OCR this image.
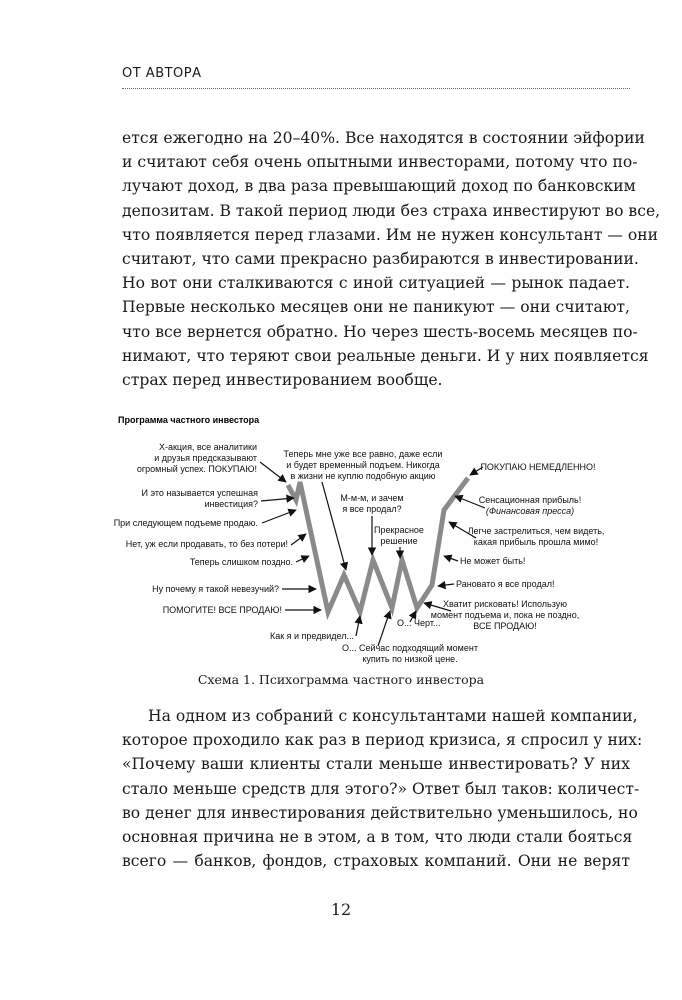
ОТ АВТОРА
ется ежегодно на 20–40%. Все находятся в состоянии эйфории
и считают себя очень опытными инвесторами, потому что по-
лучают доход, в два раза превышающий доход по банковским
депозитам. В такой период люди без страха инвестируют во все,
что появляется перед глазами. Им не нужен консультант — они
считают, что сами прекрасно разбираются в инвестировании.
Но вот они сталкиваются с иной ситуацией — рынок падает.
Первые несколько месяцев они не паникуют — они считают,
что все вернется обратно. Но через шесть-восемь месяцев по-
нимают, что теряют свои реальные деньги. И у них появляется
страх перед инвестированием вообще.
Программа частного инвестора
Х-акция, все аналитики и друзья предсказывают огромный успех. ПОКУПАЮ!
И это называется успешная инвестиция?
При следующем подъеме продаю.
Нет, уж если продавать, то без потери!
Теперь слишком поздно.
Ну почему я такой невезучий?
ПОМОГИТЕ! ВСЕ ПРОДАЮ!
Теперь мне уже все равно, даже если и будет временный подъем. Никогда в жизни не куплю подобную акцию
М-м-м, и зачем я все продал?
Прекрасное решение
Как я и предвидел...
О... Сейчас подходящий момент купить по низкой цене.
О... Черт...
ПОКУПАЮ НЕМЕДЛЕННО!
Сенсационная прибыль! (Финансовая пресса)
Легче застрелиться, чем видеть, какая прибыль прошла мимо!
Не может быть!
Рановато я все продал!
Хватит рисковать! Использую момент подъема и, пока не поздно, ВСЕ ПРОДАЮ!
Схема 1. Психограмма частного инвестора
На одном из собраний с консультантами нашей компании,
которое проходило как раз в период кризиса, я спросил у них:
«Почему ваши клиенты стали меньше инвестировать? У них
стало меньше средств для этого?» Ответ был таков: количест-
во денег для инвестирования действительно уменьшилось, но
основная причина не в этом, а в том, что люди стали бояться
всего — банков, фондов, страховых компаний. Они не верят
12
